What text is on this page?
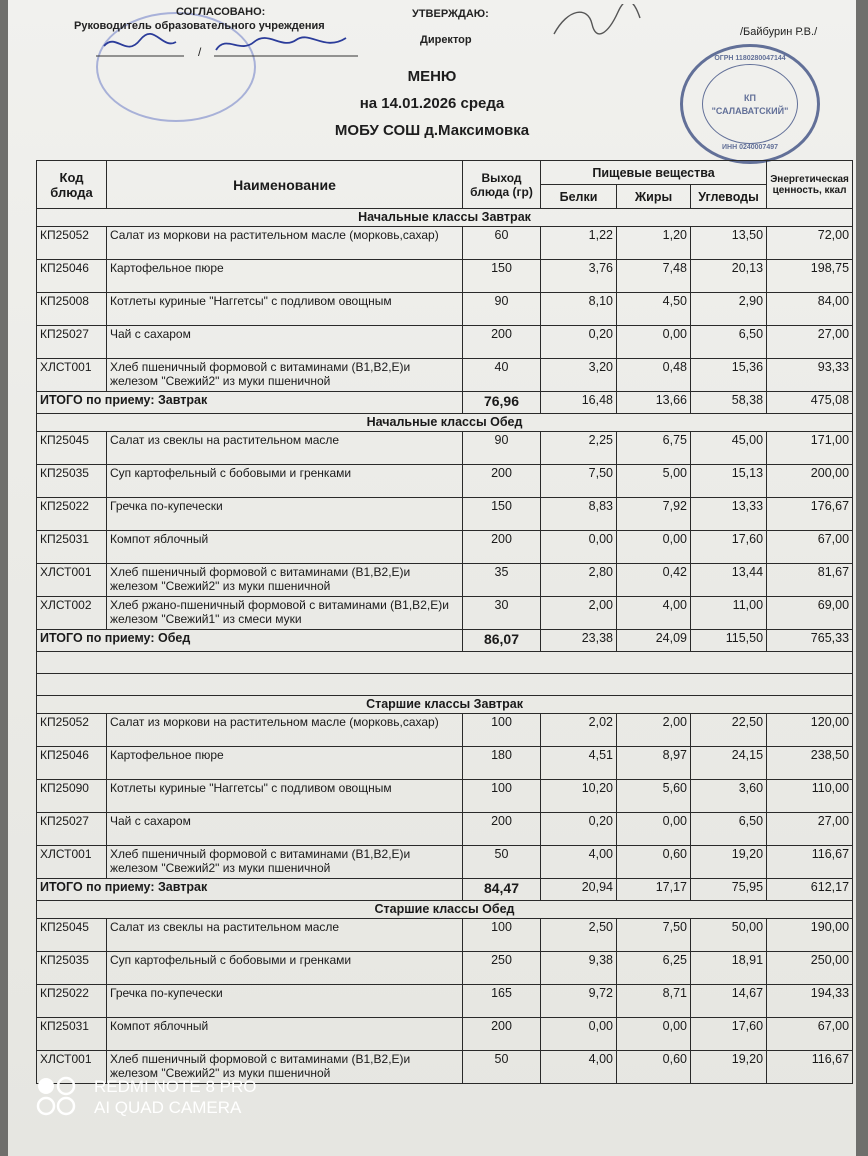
СОГЛАСОВАНО:
Руководитель образовательного учреждения
УТВЕРЖДАЮ:
Директор
/Байбурин Р.В./
/	ОГРН 1180280047144
КП
"САЛАВАТСКИЙ"
ИНН 0240007497
МЕНЮ
на 14.01.2026 среда
МОБУ СОШ д.Максимовка
Код блюда	Наименование	Выход блюда (гр)	Пищевые вещества			Энергетическая ценность, ккал
			Белки	Жиры	Углеводы	
Начальные классы Завтрак						
КП25052	Салат из моркови на растительном масле (морковь,сахар)	60	1,22	1,20	13,50	72,00
КП25046	Картофельное пюре	150	3,76	7,48	20,13	198,75
КП25008	Котлеты куриные "Наггетсы" с подливом овощным	90	8,10	4,50	2,90	84,00
КП25027	Чай с сахаром	200	0,20	0,00	6,50	27,00
ХЛСТ001	Хлеб пшеничный формовой с витаминами (В1,В2,Е)и железом "Свежий2" из муки пшеничной	40	3,20	0,48	15,36	93,33
ИТОГО по приему: Завтрак		76,96	16,48	13,66	58,38	475,08
Начальные классы Обед						
КП25045	Салат из свеклы на растительном масле	90	2,25	6,75	45,00	171,00
КП25035	Суп картофельный с бобовыми и гренками	200	7,50	5,00	15,13	200,00
КП25022	Гречка по-купечески	150	8,83	7,92	13,33	176,67
КП25031	Компот яблочный	200	0,00	0,00	17,60	67,00
ХЛСТ001	Хлеб пшеничный формовой с витаминами (В1,В2,Е)и железом "Свежий2" из муки пшеничной	35	2,80	0,42	13,44	81,67
ХЛСТ002	Хлеб ржано-пшеничный формовой с витаминами (В1,В2,Е)и железом "Свежий1" из смеси муки	30	2,00	4,00	11,00	69,00
ИТОГО по приему: Обед		86,07	23,38	24,09	115,50	765,33

Старшие классы Завтрак						
КП25052	Салат из моркови на растительном масле (морковь,сахар)	100	2,02	2,00	22,50	120,00
КП25046	Картофельное пюре	180	4,51	8,97	24,15	238,50
КП25090	Котлеты куриные "Наггетсы" с подливом овощным	100	10,20	5,60	3,60	110,00
КП25027	Чай с сахаром	200	0,20	0,00	6,50	27,00
ХЛСТ001	Хлеб пшеничный формовой с витаминами (В1,В2,Е)и железом "Свежий2" из муки пшеничной	50	4,00	0,60	19,20	116,67
ИТОГО по приему: Завтрак		84,47	20,94	17,17	75,95	612,17
Старшие классы Обед						
КП25045	Салат из свеклы на растительном масле	100	2,50	7,50	50,00	190,00
КП25035	Суп картофельный с бобовыми и гренками	250	9,38	6,25	18,91	250,00
КП25022	Гречка по-купечески	165	9,72	8,71	14,67	194,33
КП25031	Компот яблочный	200	0,00	0,00	17,60	67,00
ХЛСТ001	Хлеб пшеничный формовой с витаминами (В1,В2,Е)и железом "Свежий2" из муки пшеничной	50	4,00	0,60	19,20	116,67
REDMI NOTE 8 PRO
AI QUAD CAMERA
